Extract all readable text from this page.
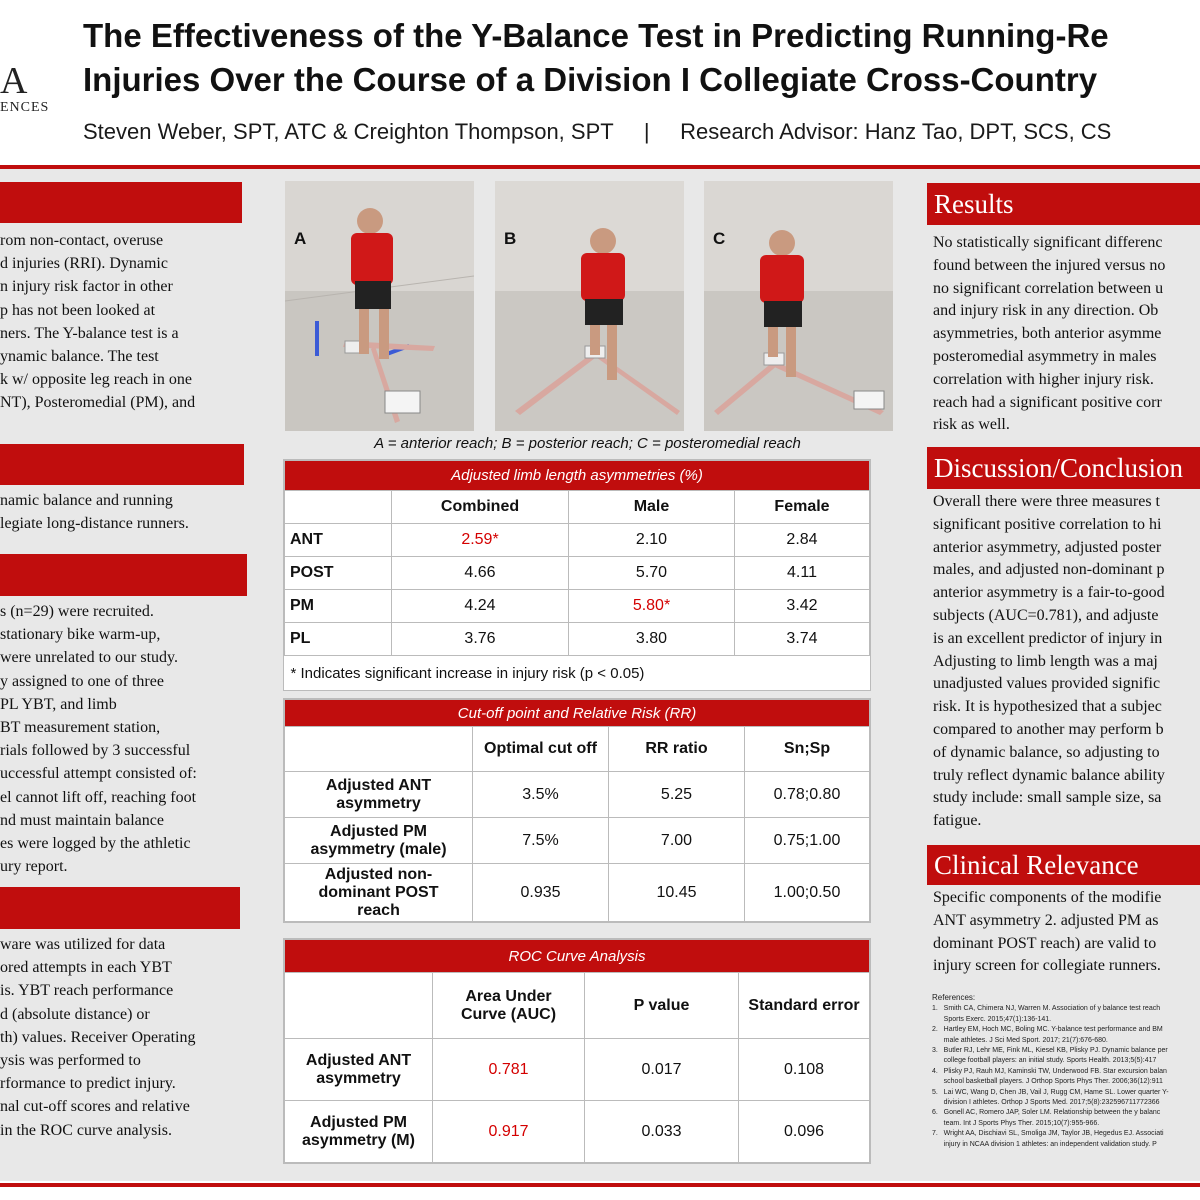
A
ENCES
The Effectiveness of the Y-Balance Test in Predicting Running-Re
Injuries Over the Course of a Division I Collegiate Cross-Country
Steven Weber, SPT, ATC & Creighton Thompson, SPT     |     Research Advisor: Hanz Tao, DPT, SCS, CS
rom non-contact, overuse
d injuries (RRI). Dynamic
n injury risk factor in other
p has not been looked at
ners. The Y-balance test is a
ynamic balance. The test
k w/ opposite leg reach in one
NT), Posteromedial (PM), and
namic balance and running
legiate long-distance runners.
s (n=29) were recruited.
stationary bike warm-up,
were unrelated to our study.
y assigned to one of three
PL YBT, and limb
BT measurement station,
rials followed by 3 successful
uccessful attempt consisted of:
el cannot lift off, reaching foot
nd must maintain balance
es were logged by the athletic
ury report.
ware was utilized for data
ored attempts in each YBT
is. YBT reach performance
d (absolute distance) or
th) values. Receiver Operating
ysis was performed to
rformance to predict injury.
nal cut-off scores and relative
in the ROC curve analysis.
A	B	C
A = anterior reach; B = posterior reach; C = posteromedial reach
Adjusted limb length asymmetries (%)			
	Combined	Male	Female
ANT	2.59*	2.10	2.84
POST	4.66	5.70	4.11
PM	4.24	5.80*	3.42
PL	3.76	3.80	3.74

* Indicates significant increase in injury risk (p < 0.05)			
Cut-off point and Relative Risk (RR)			
	Optimal cut off	RR ratio	Sn;Sp
Adjusted ANT asymmetry	3.5%	5.25	0.78;0.80
Adjusted PM asymmetry (male)	7.5%	7.00	0.75;1.00
Adjusted non-dominant POST reach	0.935	10.45	1.00;0.50
ROC Curve Analysis			
	Area Under Curve (AUC)	P value	Standard error
Adjusted ANT asymmetry	0.781	0.017	0.108
Adjusted PM asymmetry (M)	0.917	0.033	0.096
Results
No statistically significant differenc
found between the injured versus no
no significant correlation between u
and injury risk in any direction. Ob
asymmetries, both anterior asymme
posteromedial asymmetry in males
correlation with higher injury risk.
reach had a significant positive corr
risk as well.
Discussion/Conclusion
Overall there were three measures t
significant positive correlation to hi
anterior asymmetry, adjusted poster
males, and adjusted non-dominant p
anterior asymmetry is a fair-to-good
subjects (AUC=0.781), and adjuste
is an excellent predictor of injury in
Adjusting to limb length was a maj
unadjusted values provided signific
risk. It is hypothesized that a subjec
compared to another may perform b
of dynamic balance, so adjusting to
truly reflect dynamic balance ability
study include: small sample size, sa
fatigue.
Clinical Relevance
Specific components of the modifie
ANT asymmetry 2. adjusted PM as
dominant POST reach) are valid to
injury screen for collegiate runners.
References:
1.   Smith CA, Chimera NJ, Warren M. Association of y balance test reach
Sports Exerc. 2015;47(1):136-141.
2.   Hartley EM, Hoch MC, Boling MC. Y-balance test performance and BM
male athletes. J Sci Med Sport. 2017; 21(7):676-680.
3.   Butler RJ, Lehr ME, Fink ML, Kiesel KB, Plisky PJ. Dynamic balance per
college football players: an initial study. Sports Health. 2013;5(5):417
4.   Plisky PJ, Rauh MJ, Kaminski TW, Underwood FB. Star excursion balan
school basketball players. J Orthop Sports Phys Ther. 2006;36(12):911
5.   Lai WC, Wang D, Chen JB, Vail J, Rugg CM, Hame SL. Lower quarter Y-
division I athletes. Orthop J Sports Med. 2017;5(8):232596711772366
6.   Gonell AC, Romero JAP, Soler LM. Relationship between the y balanc
team. Int J Sports Phys Ther. 2015;10(7):955-966.
7.   Wright AA, Dischiavi SL, Smoliga JM, Taylor JB, Hegedus EJ. Associati
injury in NCAA division 1 athletes: an independent validation study. P
